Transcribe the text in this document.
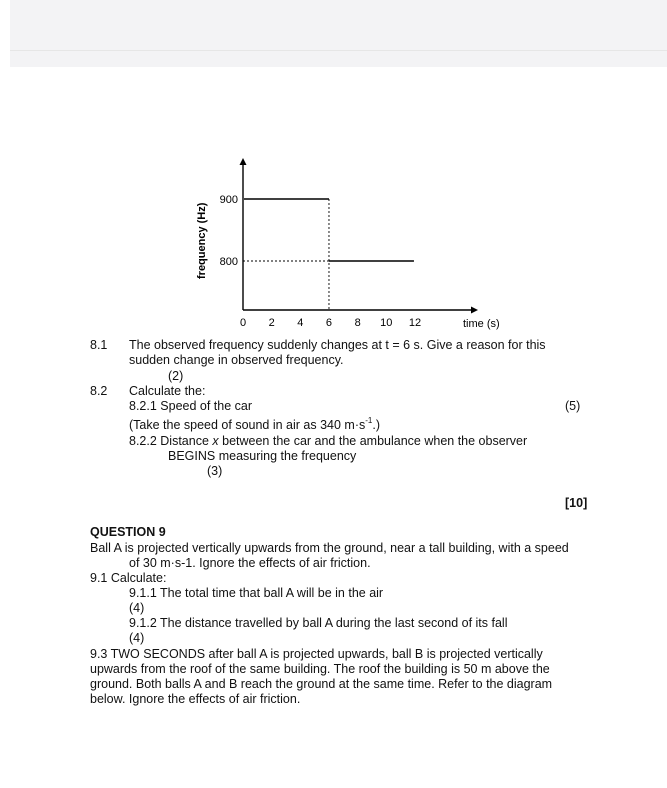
frequency (Hz)
900
800
0 2 4 6 8 10 12	time (s)
8.1 The observed frequency suddenly changes at t = 6 s. Give a reason for this
sudden change in observed frequency.
(2)
8.2 Calculate the:
8.2.1 Speed of the car	(5)
(Take the speed of sound in air as 340 $m\cdot s^{-1}$.)
8.2.2 Distance x between the car and the ambulance when the observer
BEGINS measuring the frequency
(3)
[10]
QUESTION 9
Ball A is projected vertically upwards from the ground, near a tall building, with a speed
of 30 m·s-1. Ignore the effects of air friction.
9.1 Calculate:
9.1.1 The total time that ball A will be in the air
(4)
9.1.2 The distance travelled by ball A during the last second of its fall
(4)
9.3 TWO SECONDS after ball A is projected upwards, ball B is projected vertically
upwards from the roof of the same building. The roof the building is 50 m above the
ground. Both balls A and B reach the ground at the same time. Refer to the diagram
below. Ignore the effects of air friction.
